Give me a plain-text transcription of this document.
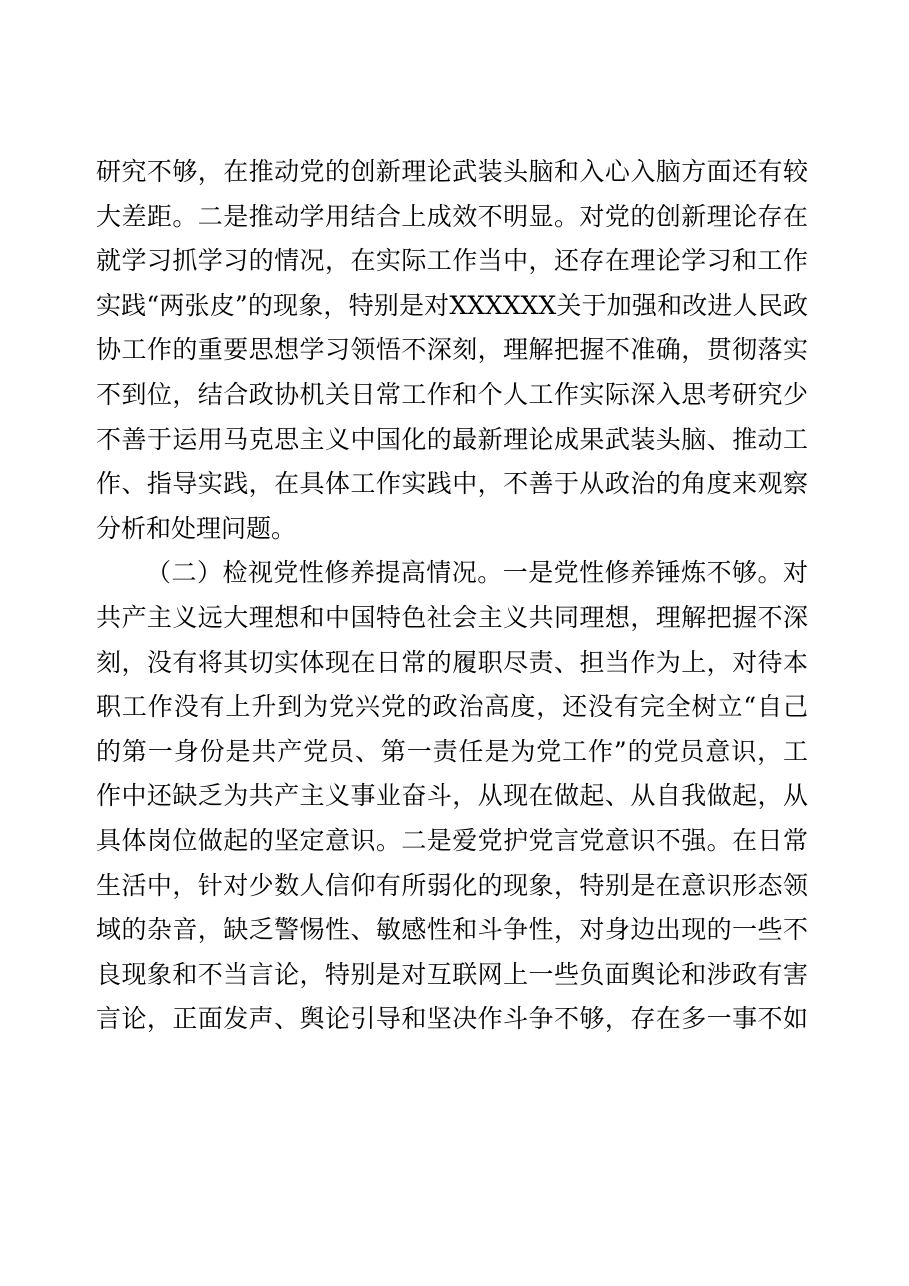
研究不够，在推动党的创新理论武装头脑和入心入脑方面还有较
大差距。二是推动学用结合上成效不明显。对党的创新理论存在
就学习抓学习的情况，在实际工作当中，还存在理论学习和工作
实践“两张皮”的现象，特别是对XXXXXX关于加强和改进人民政
协工作的重要思想学习领悟不深刻，理解把握不准确，贯彻落实
不到位，结合政协机关日常工作和个人工作实际深入思考研究少
不善于运用马克思主义中国化的最新理论成果武装头脑、推动工
作、指导实践，在具体工作实践中，不善于从政治的角度来观察
分析和处理问题。
（二）检视党性修养提高情况。一是党性修养锤炼不够。对
共产主义远大理想和中国特色社会主义共同理想，理解把握不深
刻，没有将其切实体现在日常的履职尽责、担当作为上，对待本
职工作没有上升到为党兴党的政治高度，还没有完全树立“自己
的第一身份是共产党员、第一责任是为党工作”的党员意识，工
作中还缺乏为共产主义事业奋斗，从现在做起、从自我做起，从
具体岗位做起的坚定意识。二是爱党护党言党意识不强。在日常
生活中，针对少数人信仰有所弱化的现象，特别是在意识形态领
域的杂音，缺乏警惕性、敏感性和斗争性，对身边出现的一些不
良现象和不当言论，特别是对互联网上一些负面舆论和涉政有害
言论，正面发声、舆论引导和坚决作斗争不够，存在多一事不如
